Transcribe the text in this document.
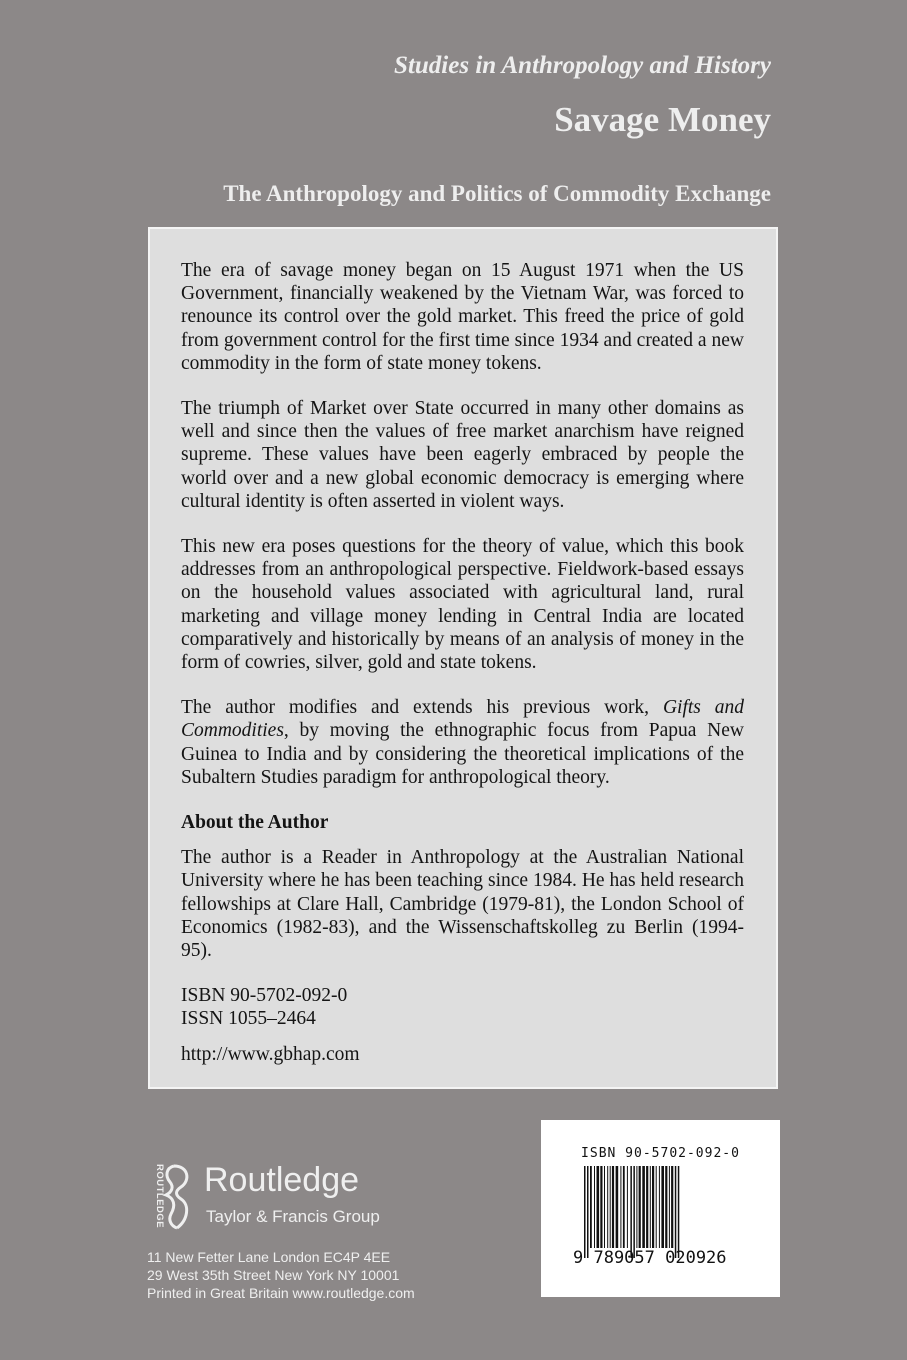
Studies in Anthropology and History
Savage Money
The Anthropology and Politics of Commodity Exchange

The era of savage money began on 15 August 1971 when the US Government, financially weakened by the Vietnam War, was forced to renounce its control over the gold market. This freed the price of gold from government control for the first time since 1934 and created a new commodity in the form of state money tokens.

The triumph of Market over State occurred in many other domains as well and since then the values of free market anarchism have reigned supreme. These values have been eagerly embraced by people the world over and a new global economic democracy is emerging where cultural identity is often asserted in violent ways.

This new era poses questions for the theory of value, which this book addresses from an anthropological perspective. Fieldwork-based essays on the household values associated with agricultural land, rural marketing and village money lending in Central India are located comparatively and historically by means of an analysis of money in the form of cowries, silver, gold and state tokens.

The author modifies and extends his previous work, Gifts and Commodities, by moving the ethnographic focus from Papua New Guinea to India and by considering the theoretical implications of the Subaltern Studies paradigm for anthropological theory.

About the Author

The author is a Reader in Anthropology at the Australian National University where he has been teaching since 1984. He has held research fellowships at Clare Hall, Cambridge (1979-81), the London School of Economics (1982-83), and the Wissenschaftskolleg zu Berlin (1994-95).

ISBN 90-5702-092-0

ISSN 1055–2464

http://www.gbhap.com

ROUTLEDGE Routledge
Taylor & Francis Group
11 New Fetter Lane London EC4P 4EE
29 West 35th Street New York NY 10001
Printed in Great Britain www.routledge.com
ISBN 90-5702-092-0
9 789057 020926
